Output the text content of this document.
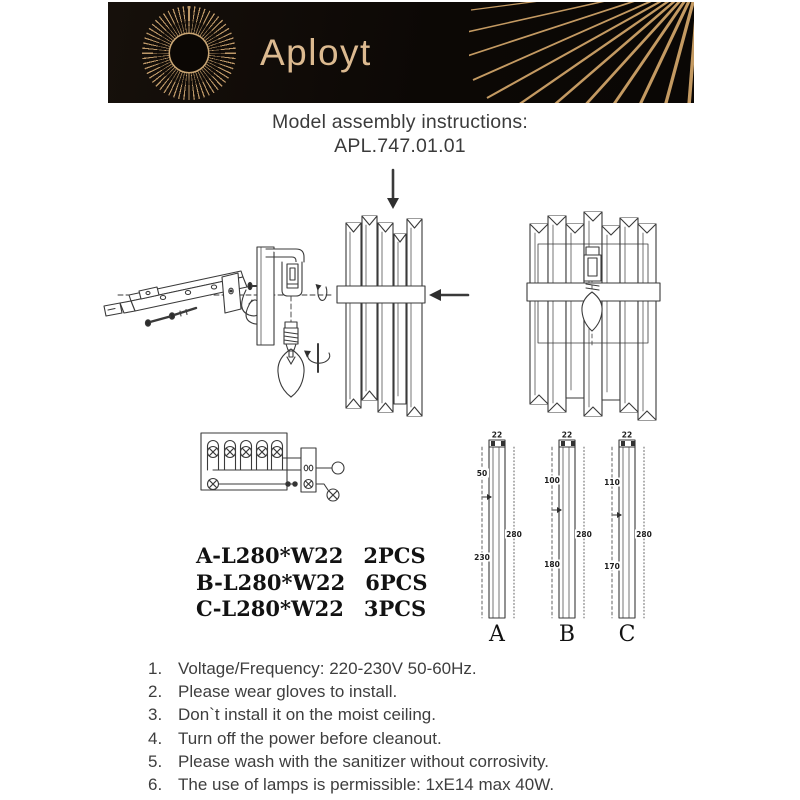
Aployt
Model assembly instructions:
APL.747.01.01
22
50
230
280
A
22
100
180
280
B
22
110
170
280
C
A-L280*W22 2PCS
B-L280*W22 6PCS
C-L280*W22 3PCS
1. Voltage/Frequency: 220-230V 50-60Hz.
2. Please wear gloves to install.
3. Don`t install it on the moist ceiling.
4. Turn off the power before cleanout.
5. Please wash with the sanitizer without corrosivity.
6. The use of lamps is permissible: 1xE14 max 40W.
